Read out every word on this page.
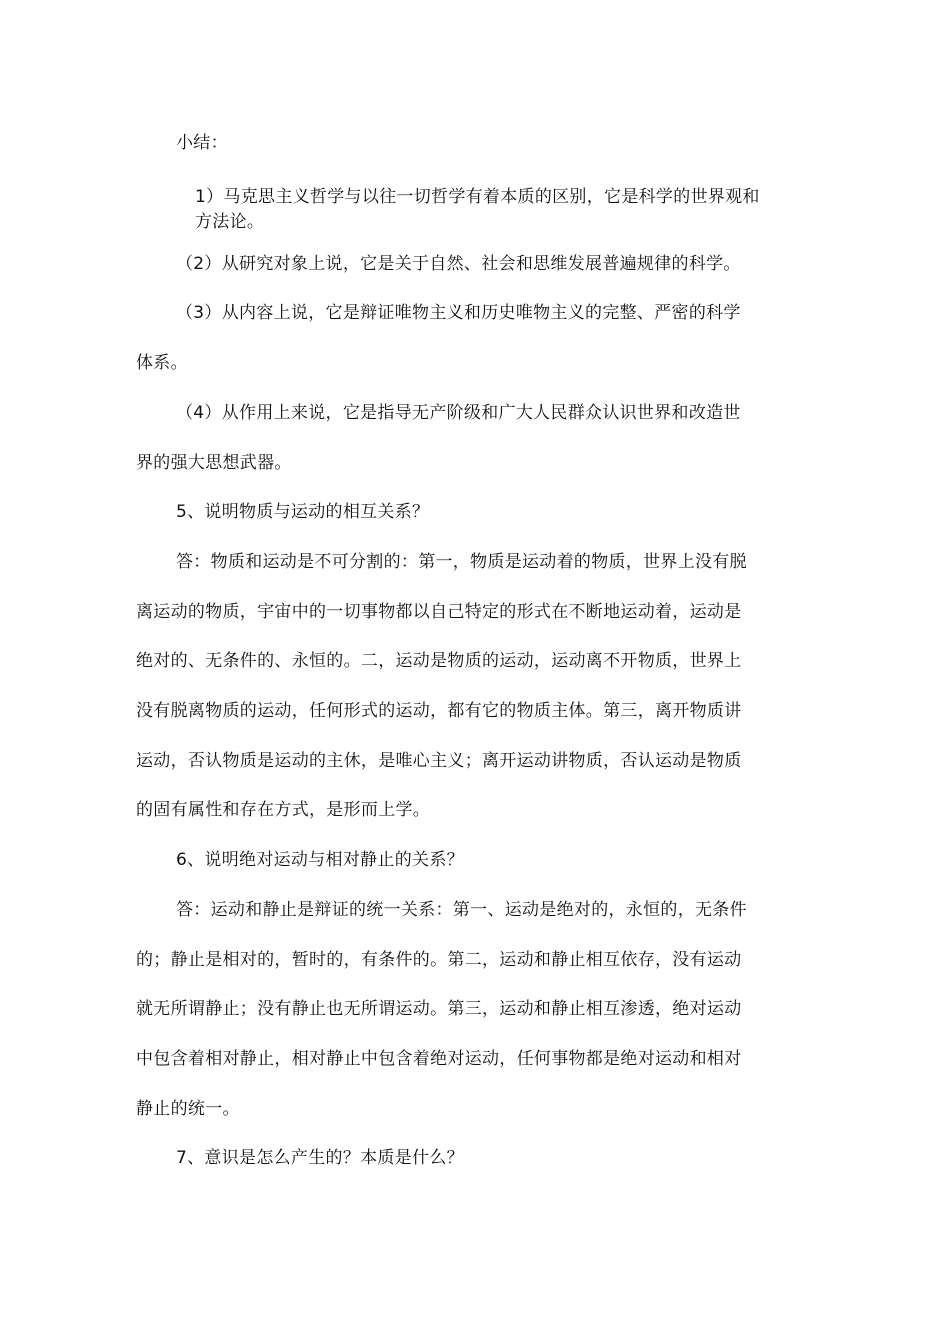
小结：
1）马克思主义哲学与以往一切哲学有着本质的区别，它是科学的世界观和
方法论。
（2）从研究对象上说，它是关于自然、社会和思维发展普遍规律的科学。
（3）从内容上说，它是辩证唯物主义和历史唯物主义的完整、严密的科学
体系。
（4）从作用上来说，它是指导无产阶级和广大人民群众认识世界和改造世
界的强大思想武器。
5、说明物质与运动的相互关系？
答：物质和运动是不可分割的：第一，物质是运动着的物质，世界上没有脱
离运动的物质，宇宙中的一切事物都以自己特定的形式在不断地运动着，运动是
绝对的、无条件的、永恒的。二，运动是物质的运动，运动离不开物质，世界上
没有脱离物质的运动，任何形式的运动，都有它的物质主体。第三，离开物质讲
运动，否认物质是运动的主休，是唯心主义；离开运动讲物质，否认运动是物质
的固有属性和存在方式，是形而上学。
6、说明绝对运动与相对静止的关系？
答：运动和静止是辩证的统一关系：第一、运动是绝对的，永恒的，无条件
的；静止是相对的，暂时的，有条件的。第二，运动和静止相互依存，没有运动
就无所谓静止；没有静止也无所谓运动。第三，运动和静止相互渗透，绝对运动
中包含着相对静止，相对静止中包含着绝对运动，任何事物都是绝对运动和相对
静止的统一。
7、意识是怎么产生的？本质是什么？
